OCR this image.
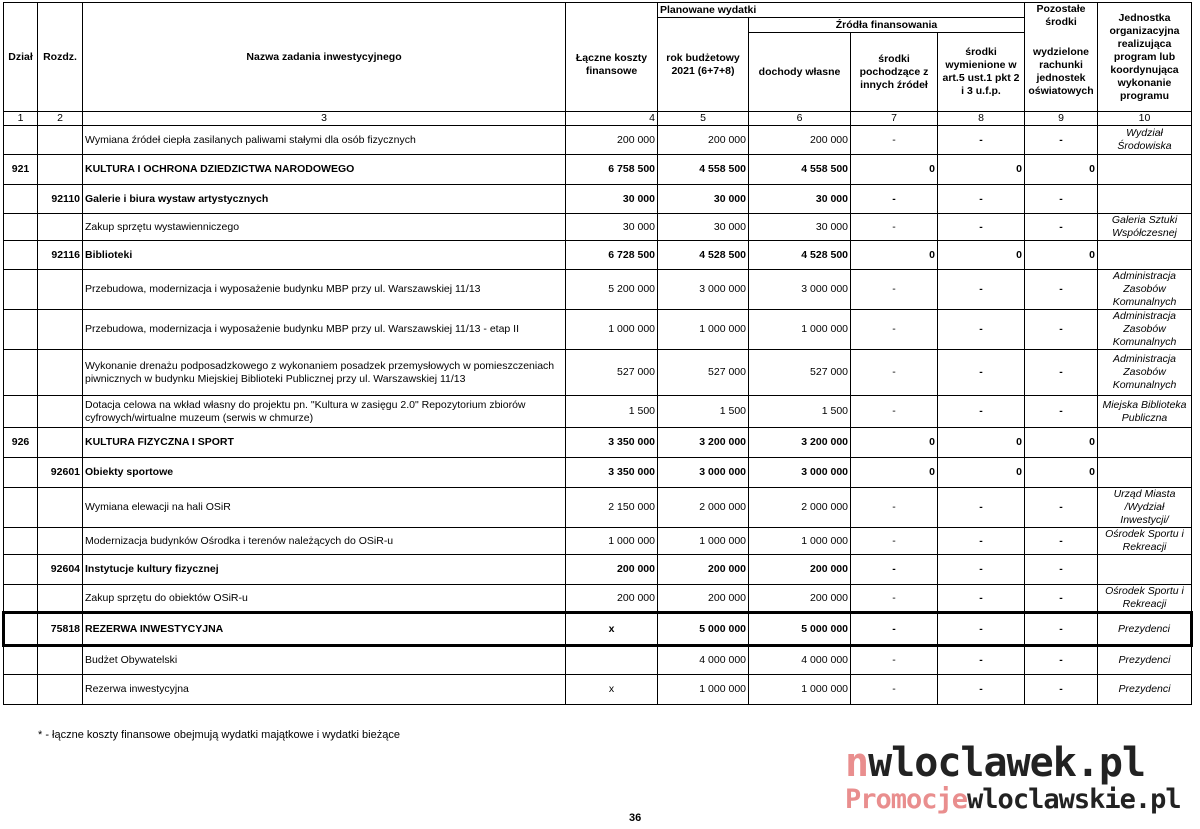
Dział	Rozdz.	Nazwa zadania inwestycyjnego	Łączne koszty finansowe	Planowane wydatki				Pozostałe środki	Jednostka organizacyjna realizująca program lub koordynująca wykonanie programu
				rok budżetowy 2021 (6+7+8)	Źródła finansowania				
					dochody własne	środki pochodzące z innych źródeł	środki wymienione w art.5 ust.1 pkt 2 i 3 u.f.p.	wydzielone rachunki jednostek oświatowych	
1	2	3	4	5	6	7	8	9	10
		Wymiana źródeł ciepła zasilanych paliwami stałymi dla osób fizycznych	200 000	200 000	200 000	-	-	-	Wydział Środowiska
921		KULTURA I OCHRONA DZIEDZICTWA NARODOWEGO	6 758 500	4 558 500	4 558 500	0	0	0	
	92110	Galerie i biura wystaw artystycznych	30 000	30 000	30 000	-	-	-	
		Zakup sprzętu wystawienniczego	30 000	30 000	30 000	-	-	-	Galeria Sztuki Współczesnej
	92116	Biblioteki	6 728 500	4 528 500	4 528 500	0	0	0	
		Przebudowa, modernizacja i wyposażenie budynku MBP przy ul. Warszawskiej 11/13	5 200 000	3 000 000	3 000 000	-	-	-	Administracja Zasobów Komunalnych
		Przebudowa, modernizacja i wyposażenie budynku MBP przy ul. Warszawskiej 11/13 - etap II	1 000 000	1 000 000	1 000 000	-	-	-	Administracja Zasobów Komunalnych
		Wykonanie drenażu podposadzkowego z wykonaniem posadzek przemysłowych w pomieszczeniach piwnicznych w budynku Miejskiej Biblioteki Publicznej przy ul. Warszawskiej 11/13	527 000	527 000	527 000	-	-	-	Administracja Zasobów Komunalnych
		Dotacja celowa na wkład własny do projektu pn. "Kultura w zasięgu 2.0" Repozytorium zbiorów cyfrowych/wirtualne muzeum (serwis w chmurze)	1 500	1 500	1 500	-	-	-	Miejska Biblioteka Publiczna
926		KULTURA FIZYCZNA I SPORT	3 350 000	3 200 000	3 200 000	0	0	0	
	92601	Obiekty sportowe	3 350 000	3 000 000	3 000 000	0	0	0	
		Wymiana elewacji na hali OSiR	2 150 000	2 000 000	2 000 000	-	-	-	Urząd Miasta /Wydział Inwestycji/
		Modernizacja budynków Ośrodka i terenów należących do OSiR-u	1 000 000	1 000 000	1 000 000	-	-	-	Ośrodek Sportu i Rekreacji
	92604	Instytucje kultury fizycznej	200 000	200 000	200 000	-	-	-	
		Zakup sprzętu do obiektów OSiR-u	200 000	200 000	200 000	-	-	-	Ośrodek Sportu i Rekreacji
	75818	REZERWA INWESTYCYJNA	x	5 000 000	5 000 000	-	-	-	Prezydenci
		Budżet Obywatelski		4 000 000	4 000 000	-	-	-	Prezydenci
		Rezerwa inwestycyjna	x	1 000 000	1 000 000	-	-	-	Prezydenci
* - łączne koszty finansowe obejmują wydatki majątkowe i wydatki bieżące
36
nwloclawek.pl
Promocjewloclawskie.pl
